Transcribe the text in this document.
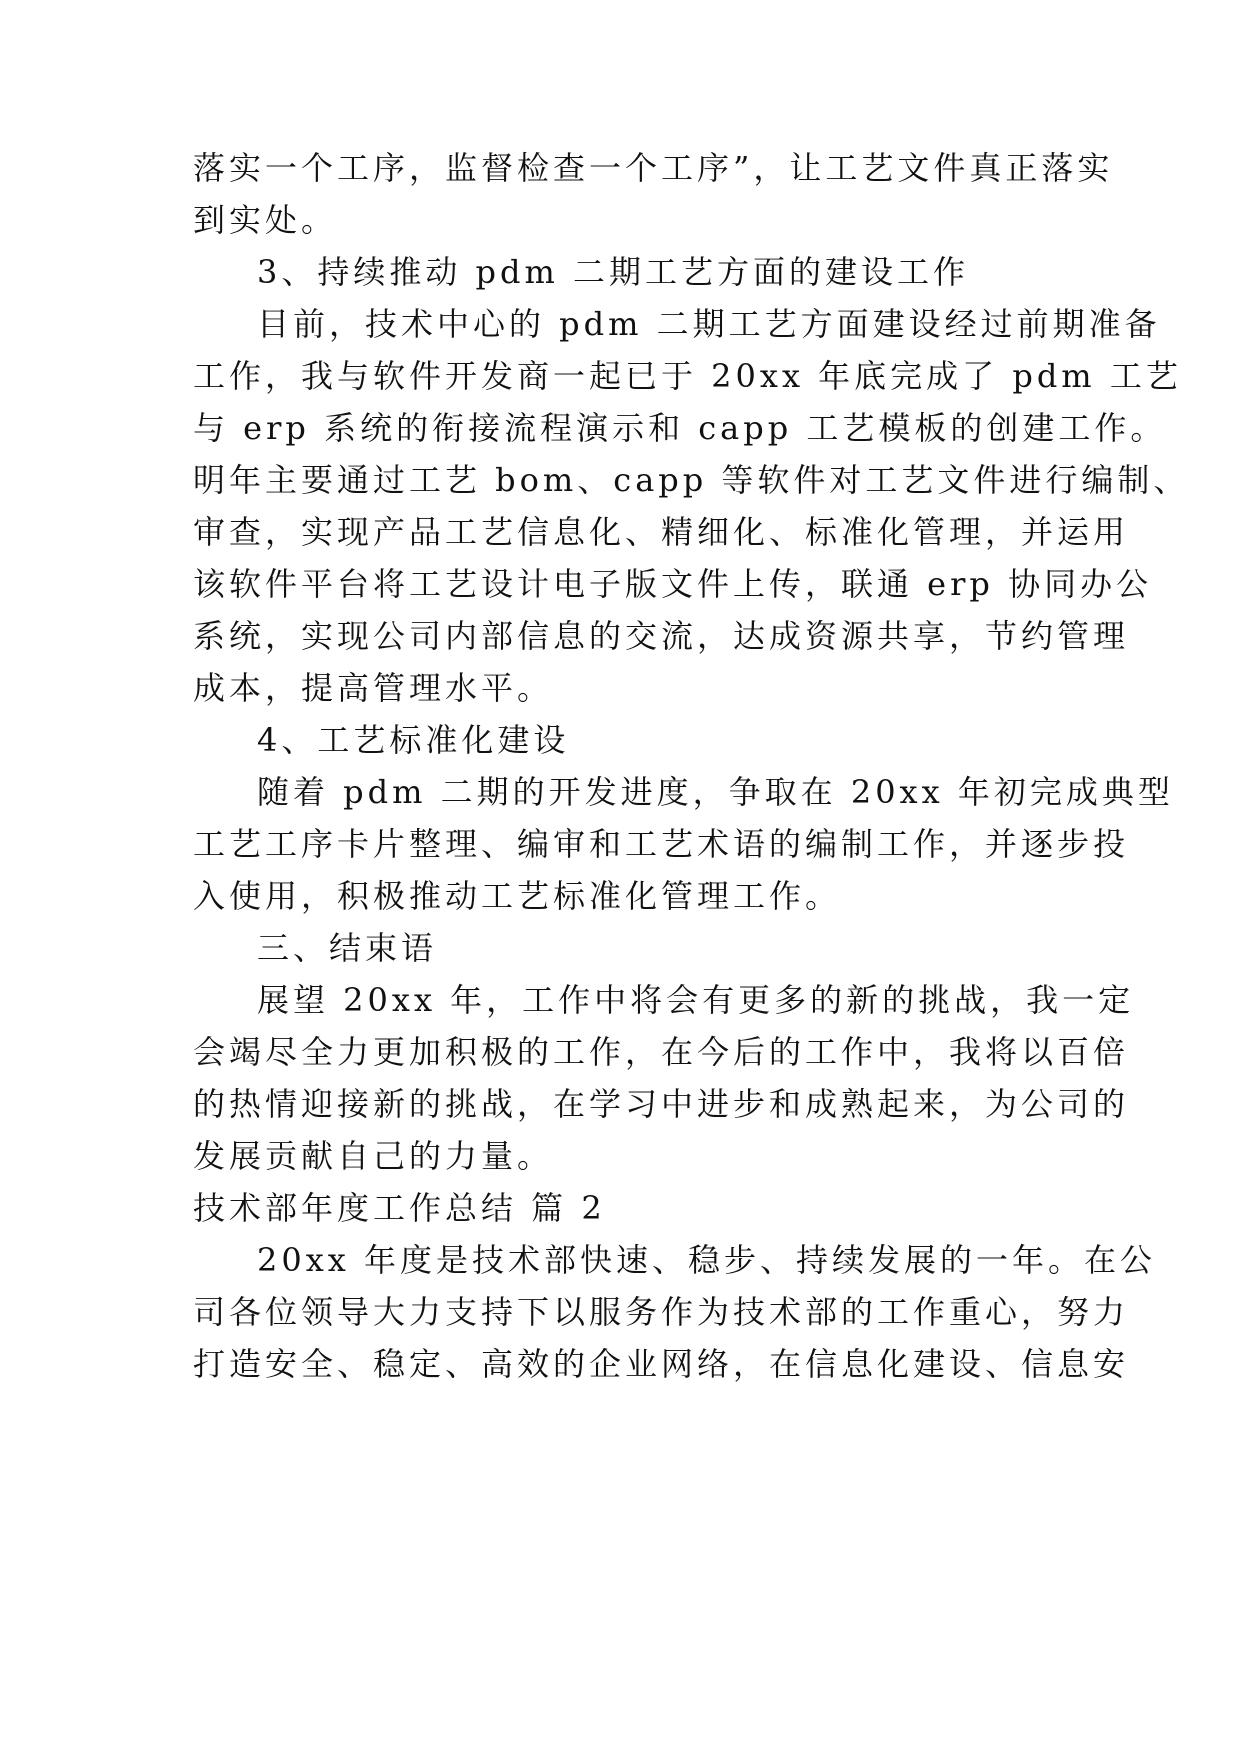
落实一个工序，监督检查一个工序”，让工艺文件真正落实
到实处。
3、持续推动 pdm 二期工艺方面的建设工作
目前，技术中心的 pdm 二期工艺方面建设经过前期准备
工作，我与软件开发商一起已于 20xx 年底完成了 pdm 工艺
与 erp 系统的衔接流程演示和 capp 工艺模板的创建工作。
明年主要通过工艺 bom、capp 等软件对工艺文件进行编制、
审查，实现产品工艺信息化、精细化、标准化管理，并运用
该软件平台将工艺设计电子版文件上传，联通 erp 协同办公
系统，实现公司内部信息的交流，达成资源共享，节约管理
成本，提高管理水平。
4、工艺标准化建设
随着 pdm 二期的开发进度，争取在 20xx 年初完成典型
工艺工序卡片整理、编审和工艺术语的编制工作，并逐步投
入使用，积极推动工艺标准化管理工作。
三、结束语
展望 20xx 年，工作中将会有更多的新的挑战，我一定
会竭尽全力更加积极的工作，在今后的工作中，我将以百倍
的热情迎接新的挑战，在学习中进步和成熟起来，为公司的
发展贡献自己的力量。
技术部年度工作总结 篇 2
20xx 年度是技术部快速、稳步、持续发展的一年。在公
司各位领导大力支持下以服务作为技术部的工作重心，努力
打造安全、稳定、高效的企业网络，在信息化建设、信息安
